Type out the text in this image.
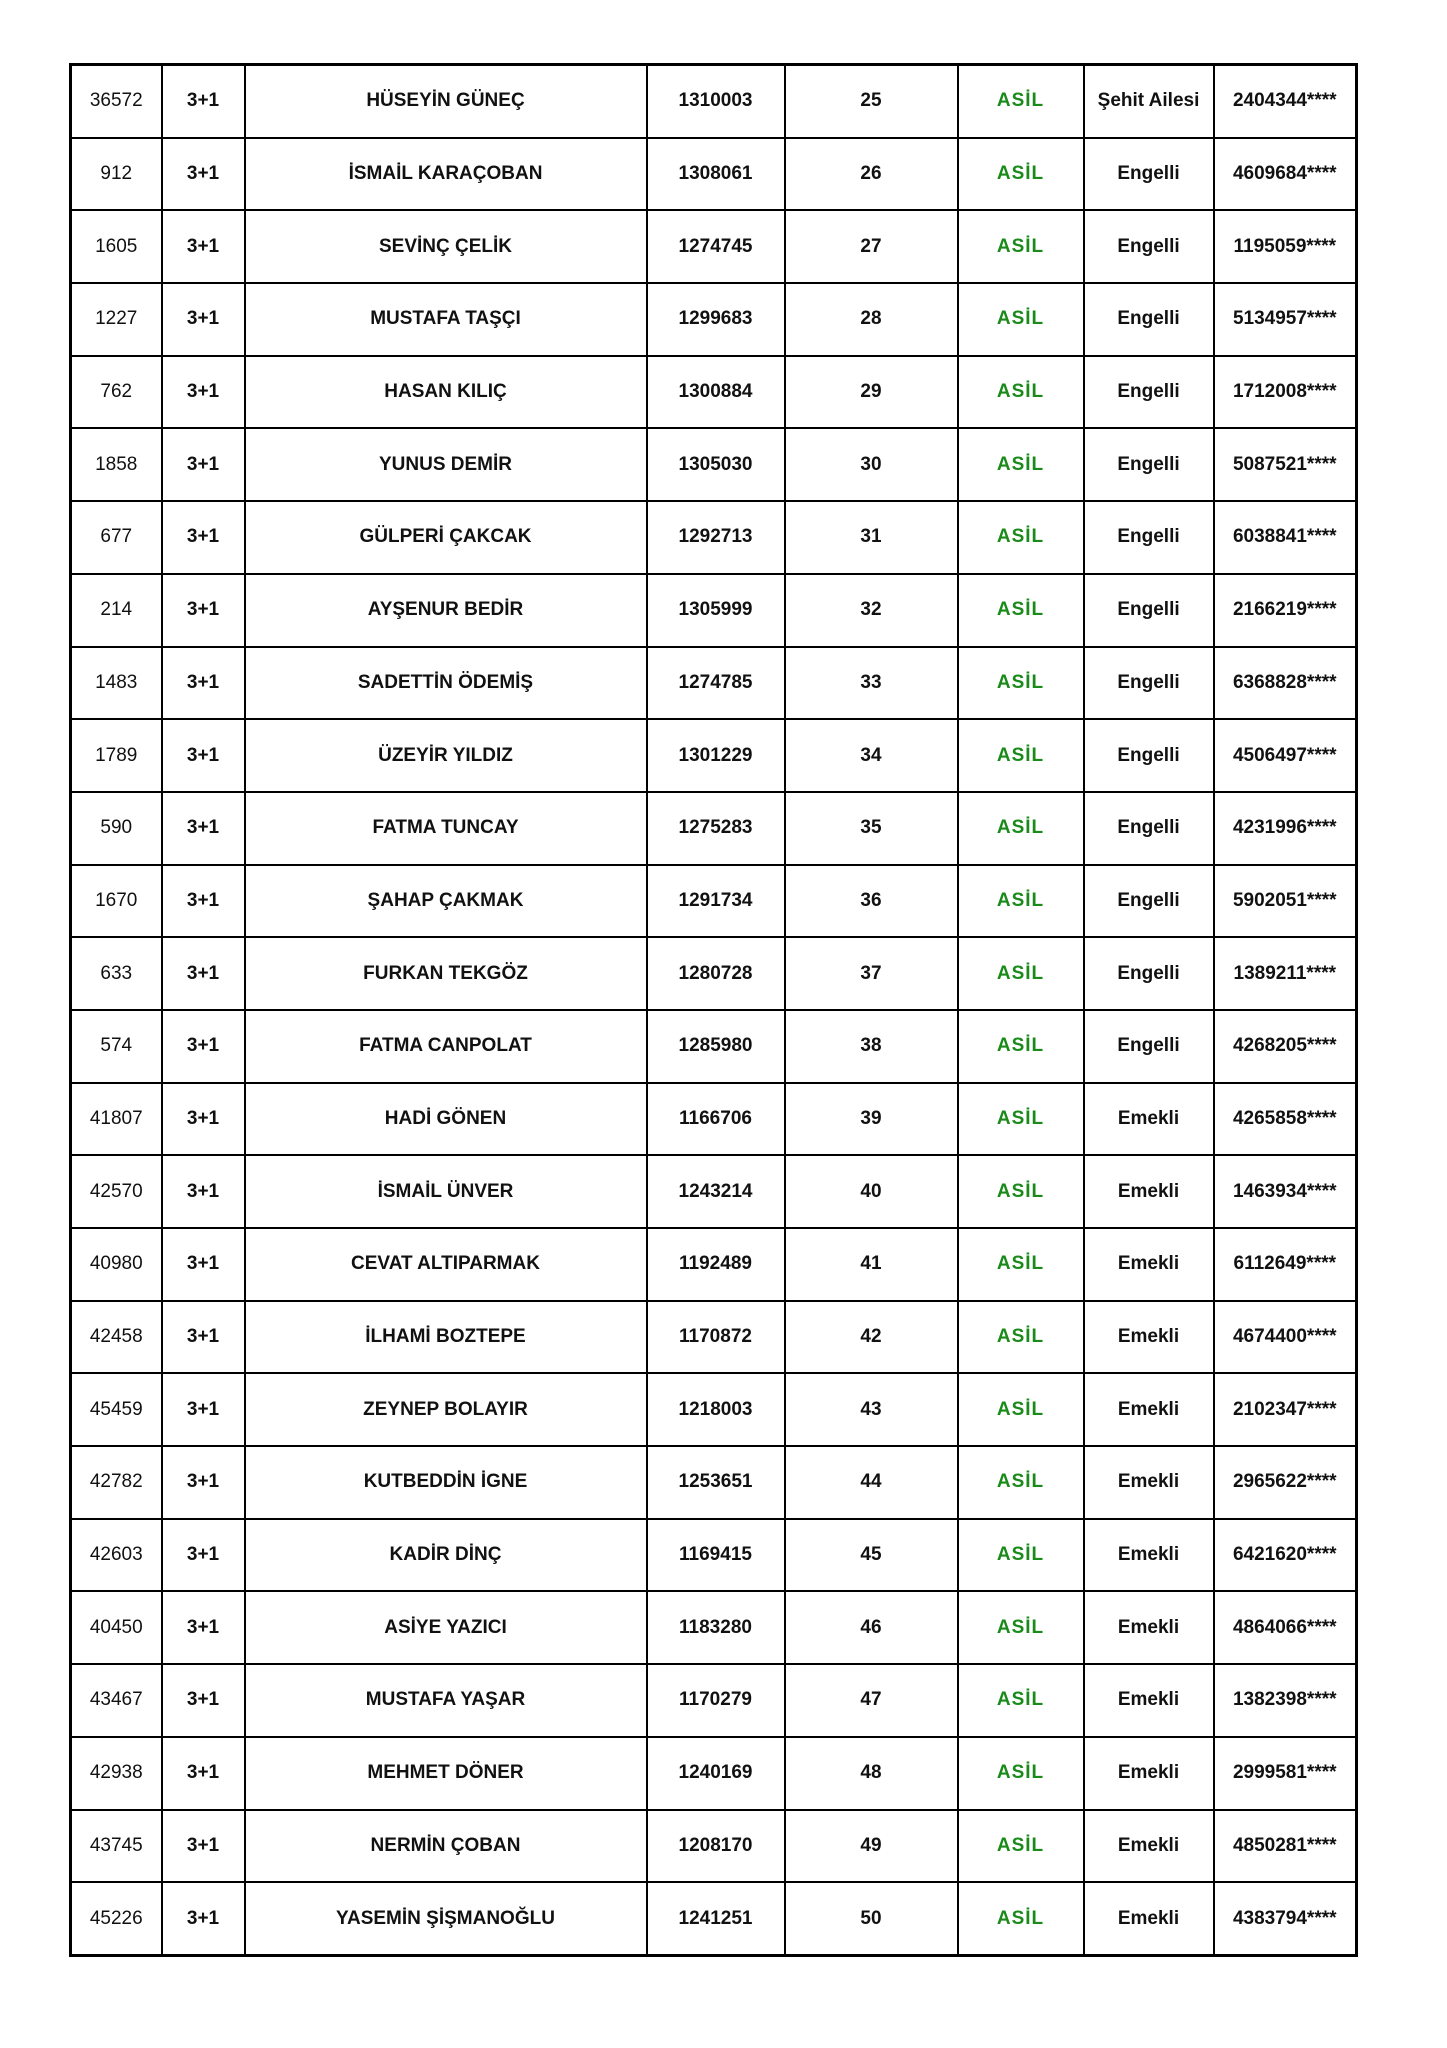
36572	3+1	HÜSEYİN GÜNEÇ	1310003	25	ASİL	Şehit Ailesi	2404344****
912	3+1	İSMAİL KARAÇOBAN	1308061	26	ASİL	Engelli	4609684****
1605	3+1	SEVİNÇ ÇELİK	1274745	27	ASİL	Engelli	1195059****
1227	3+1	MUSTAFA TAŞÇI	1299683	28	ASİL	Engelli	5134957****
762	3+1	HASAN KILIÇ	1300884	29	ASİL	Engelli	1712008****
1858	3+1	YUNUS DEMİR	1305030	30	ASİL	Engelli	5087521****
677	3+1	GÜLPERİ ÇAKCAK	1292713	31	ASİL	Engelli	6038841****
214	3+1	AYŞENUR BEDİR	1305999	32	ASİL	Engelli	2166219****
1483	3+1	SADETTİN ÖDEMİŞ	1274785	33	ASİL	Engelli	6368828****
1789	3+1	ÜZEYİR YILDIZ	1301229	34	ASİL	Engelli	4506497****
590	3+1	FATMA TUNCAY	1275283	35	ASİL	Engelli	4231996****
1670	3+1	ŞAHAP ÇAKMAK	1291734	36	ASİL	Engelli	5902051****
633	3+1	FURKAN TEKGÖZ	1280728	37	ASİL	Engelli	1389211****
574	3+1	FATMA CANPOLAT	1285980	38	ASİL	Engelli	4268205****
41807	3+1	HADİ GÖNEN	1166706	39	ASİL	Emekli	4265858****
42570	3+1	İSMAİL ÜNVER	1243214	40	ASİL	Emekli	1463934****
40980	3+1	CEVAT ALTIPARMAK	1192489	41	ASİL	Emekli	6112649****
42458	3+1	İLHAMİ BOZTEPE	1170872	42	ASİL	Emekli	4674400****
45459	3+1	ZEYNEP BOLAYIR	1218003	43	ASİL	Emekli	2102347****
42782	3+1	KUTBEDDİN İGNE	1253651	44	ASİL	Emekli	2965622****
42603	3+1	KADİR DİNÇ	1169415	45	ASİL	Emekli	6421620****
40450	3+1	ASİYE YAZICI	1183280	46	ASİL	Emekli	4864066****
43467	3+1	MUSTAFA YAŞAR	1170279	47	ASİL	Emekli	1382398****
42938	3+1	MEHMET DÖNER	1240169	48	ASİL	Emekli	2999581****
43745	3+1	NERMİN ÇOBAN	1208170	49	ASİL	Emekli	4850281****
45226	3+1	YASEMİN ŞİŞMANOĞLU	1241251	50	ASİL	Emekli	4383794****
